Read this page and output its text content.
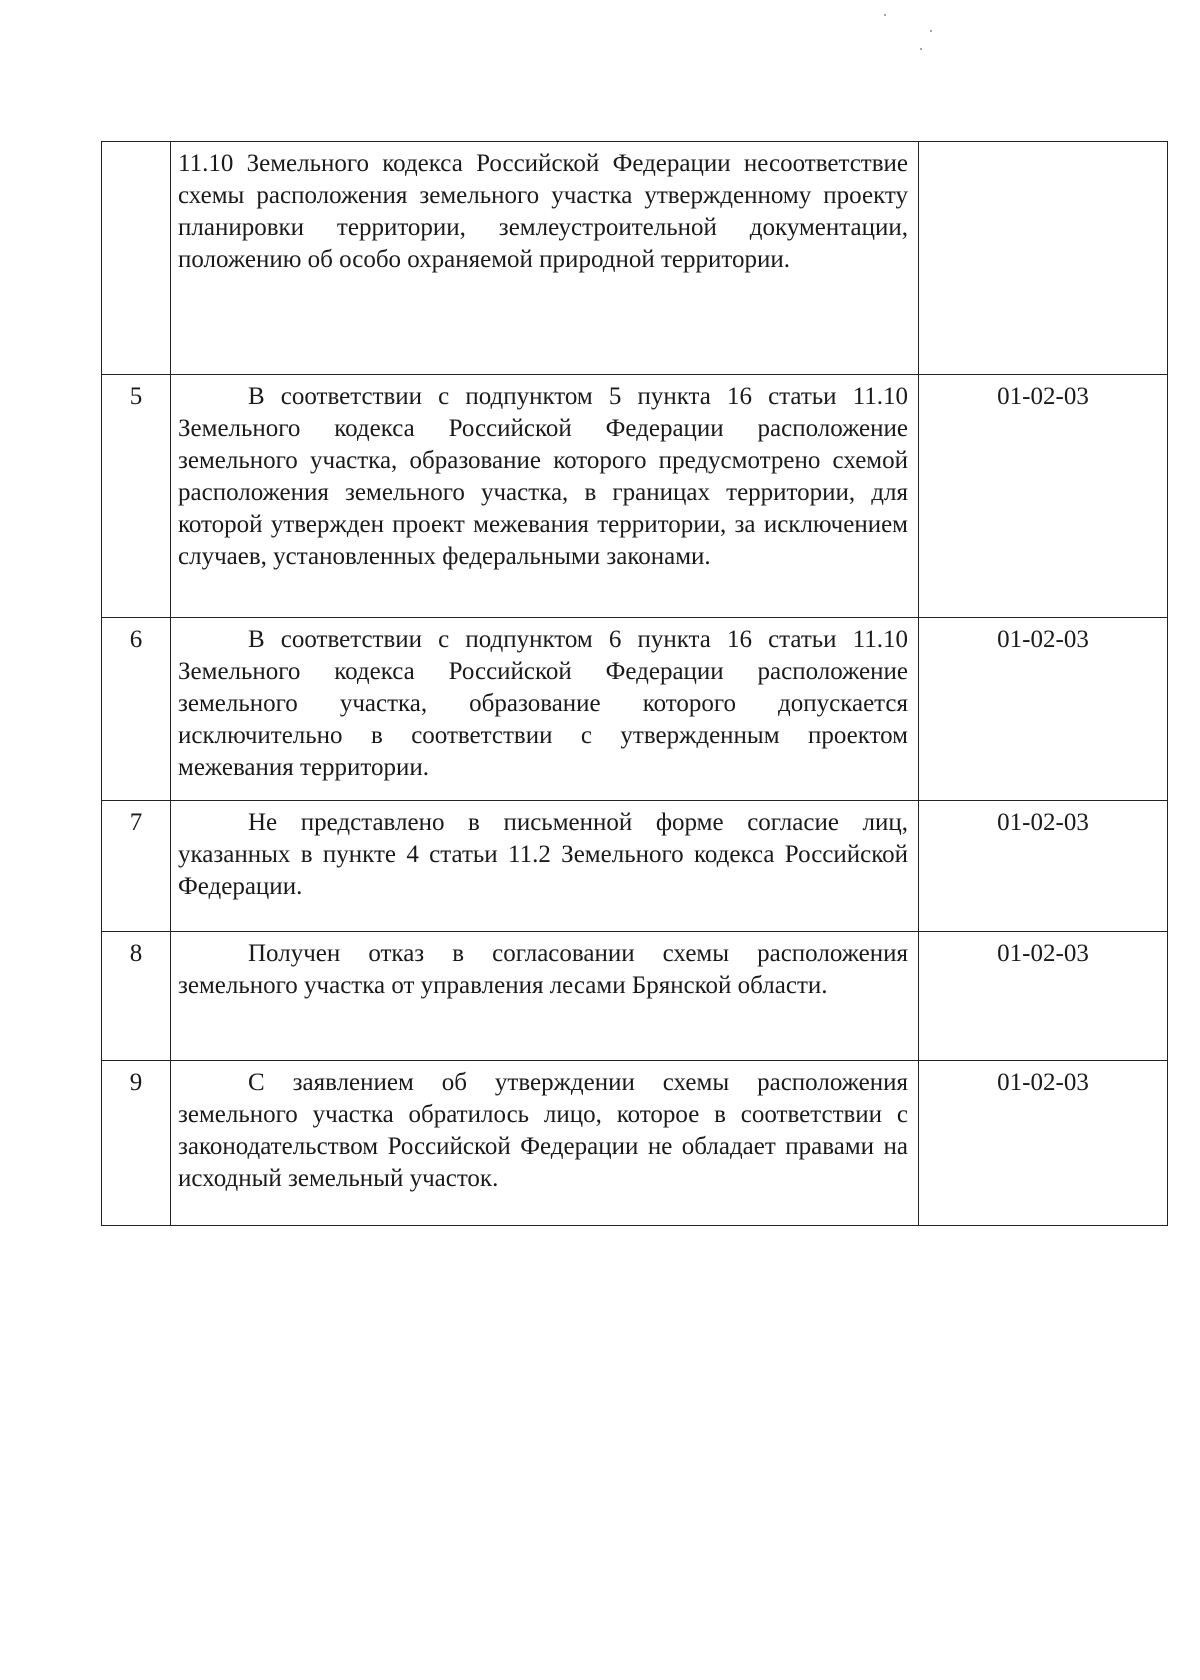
	11.10 Земельного кодекса Российской Федерации несоответствие схемы расположения земельного участка утвержденному проекту планировки территории, землеустроительной документации, положению об особо охраняемой природной территории.	

5	В соответствии с подпунктом 5 пункта 16 статьи 11.10 Земельного кодекса Российской Федерации расположение земельного участка, образование которого предусмотрено схемой расположения земельного участка, в границах территории, для которой утвержден проект межевания территории, за исключением случаев, установленных федеральными законами.	01-02-03
6	В соответствии с подпунктом 6 пункта 16 статьи 11.10 Земельного кодекса Российской Федерации расположение земельного участка, образование которого допускается исключительно в соответствии с утвержденным проектом межевания территории.	01-02-03
7	Не представлено в письменной форме согласие лиц, указанных в пункте 4 статьи 11.2 Земельного кодекса Российской Федерации.	01-02-03
8	Получен отказ в согласовании схемы расположения земельного участка от управления лесами Брянской области.	01-02-03
9	С заявлением об утверждении схемы расположения земельного участка обратилось лицо, которое в соответствии с законодательством Российской Федерации не обладает правами на исходный земельный участок.	01-02-03
